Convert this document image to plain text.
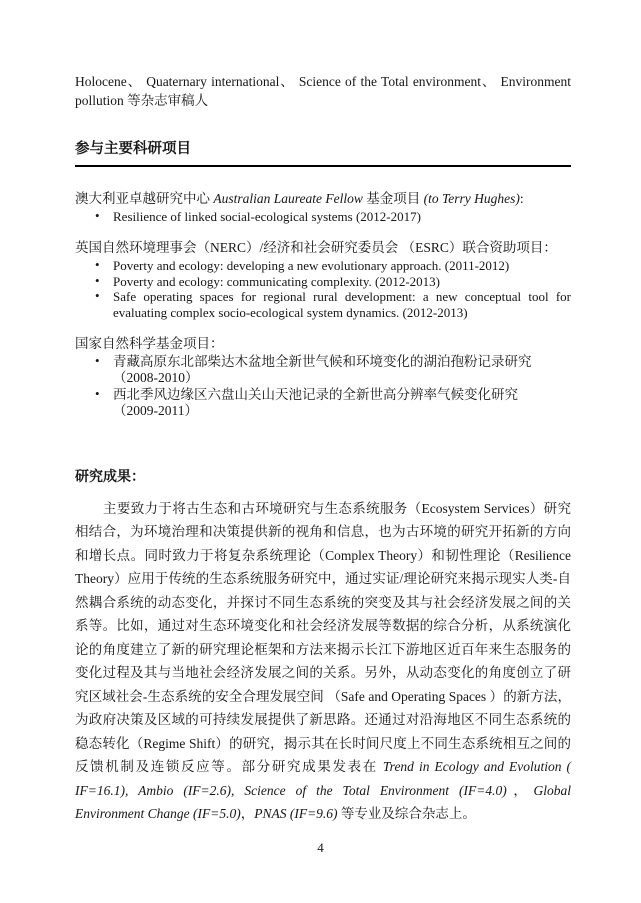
Holocene、 Quaternary international、 Science of the Total environment、 Environment pollution 等杂志审稿人

参与主要科研项目

澳大利亚卓越研究中心 Australian Laureate Fellow 基金项目 (to Terry Hughes):

• Resilience of linked social-ecological systems (2012-2017)

英国自然环境理事会（NERC）/经济和社会研究委员会 （ESRC）联合资助项目：

• Poverty and ecology: developing a new evolutionary approach. (2011-2012)
• Poverty and ecology: communicating complexity. (2012-2013)
• Safe operating spaces for regional rural development: a new conceptual tool for evaluating complex socio-ecological system dynamics. (2012-2013)

国家自然科学基金项目：

• 青藏高原东北部柴达木盆地全新世气候和环境变化的湖泊孢粉记录研究
（2008-2010）
• 西北季风边缘区六盘山关山天池记录的全新世高分辨率气候变化研究
（2009-2011）
研究成果：

主要致力于将古生态和古环境研究与生态系统服务（Ecosystem Services）研究相结合，为环境治理和决策提供新的视角和信息，也为古环境的研究开拓新的方向和增长点。同时致力于将复杂系统理论（Complex Theory）和韧性理论（Resilience Theory）应用于传统的生态系统服务研究中，通过实证/理论研究来揭示现实人类-自然耦合系统的动态变化，并探讨不同生态系统的突变及其与社会经济发展之间的关系等。比如，通过对生态环境变化和社会经济发展等数据的综合分析，从系统演化论的角度建立了新的研究理论框架和方法来揭示长江下游地区近百年来生态服务的变化过程及其与当地社会经济发展之间的关系。另外，从动态变化的角度创立了研究区域社会-生态系统的安全合理发展空间 （Safe and Operating Spaces ）的新方法，为政府决策及区域的可持续发展提供了新思路。还通过对沿海地区不同生态系统的稳态转化（Regime Shift）的研究，揭示其在长时间尺度上不同生态系统相互之间的反馈机制及连锁反应等。部分研究成果发表在 Trend in Ecology and Evolution ( IF=16.1), Ambio (IF=2.6), Science of the Total Environment (IF=4.0)，Global Environment Change (IF=5.0)，PNAS (IF=9.6) 等专业及综合杂志上。

4
